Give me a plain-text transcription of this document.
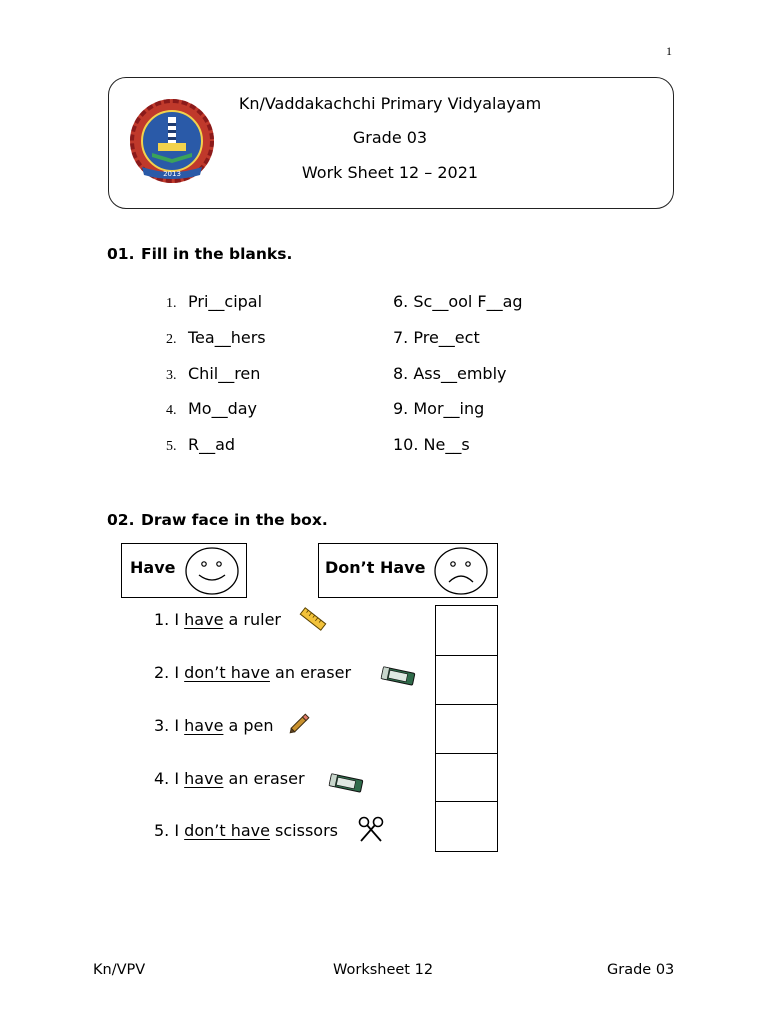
1
2013
Kn/Vaddakachchi Primary Vidyalayam
Grade 03
Work Sheet 12 – 2021
01. Fill in the blanks.
1. Pri__cipal
2. Tea__hers
3. Chil__ren
4. Mo__day
5. R__ad
6. Sc__ool F__ag
7. Pre__ect
8. Ass__embly
9. Mor__ing
10. Ne__s
02. Draw face in the box.
Have	Don’t Have
1. I have a ruler
2. I don’t have an eraser
3. I have a pen
4. I have an eraser
5. I don’t have scissors
Kn/VPV	Worksheet 12	Grade 03
